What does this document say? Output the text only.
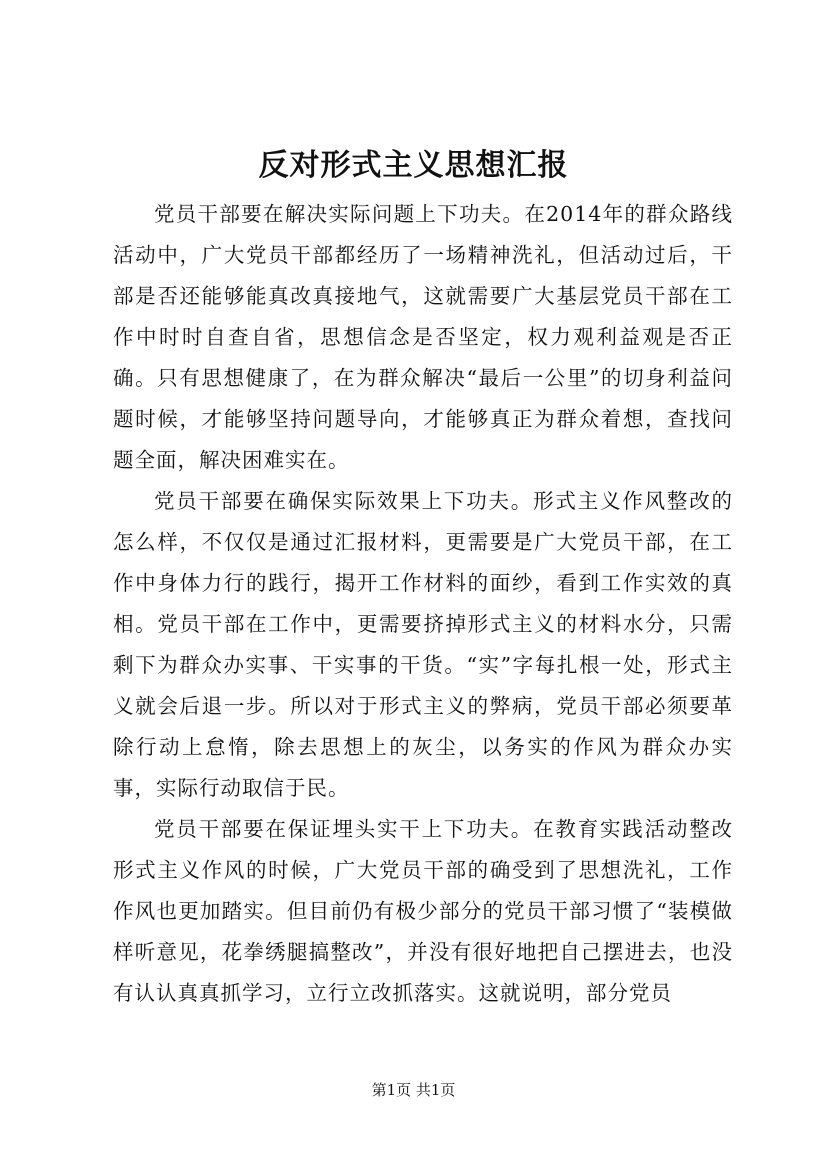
反对形式主义思想汇报

党员干部要在解决实际问题上下功夫。在2014年的群众路线活动中，广大党员干部都经历了一场精神洗礼，但活动过后，干部是否还能够能真改真接地气，这就需要广大基层党员干部在工作中时时自查自省，思想信念是否坚定，权力观利益观是否正确。只有思想健康了，在为群众解决“最后一公里”的切身利益问题时候，才能够坚持问题导向，才能够真正为群众着想，查找问题全面，解决困难实在。

党员干部要在确保实际效果上下功夫。形式主义作风整改的怎么样，不仅仅是通过汇报材料，更需要是广大党员干部，在工作中身体力行的践行，揭开工作材料的面纱，看到工作实效的真相。党员干部在工作中，更需要挤掉形式主义的材料水分，只需剩下为群众办实事、干实事的干货。“实”字每扎根一处，形式主义就会后退一步。所以对于形式主义的弊病，党员干部必须要革除行动上怠惰，除去思想上的灰尘，以务实的作风为群众办实事，实际行动取信于民。

党员干部要在保证埋头实干上下功夫。在教育实践活动整改形式主义作风的时候，广大党员干部的确受到了思想洗礼，工作作风也更加踏实。但目前仍有极少部分的党员干部习惯了“装模做样听意见，花拳绣腿搞整改”，并没有很好地把自己摆进去，也没有认认真真抓学习，立行立改抓落实。这就说明，部分党员

第1页 共1页
